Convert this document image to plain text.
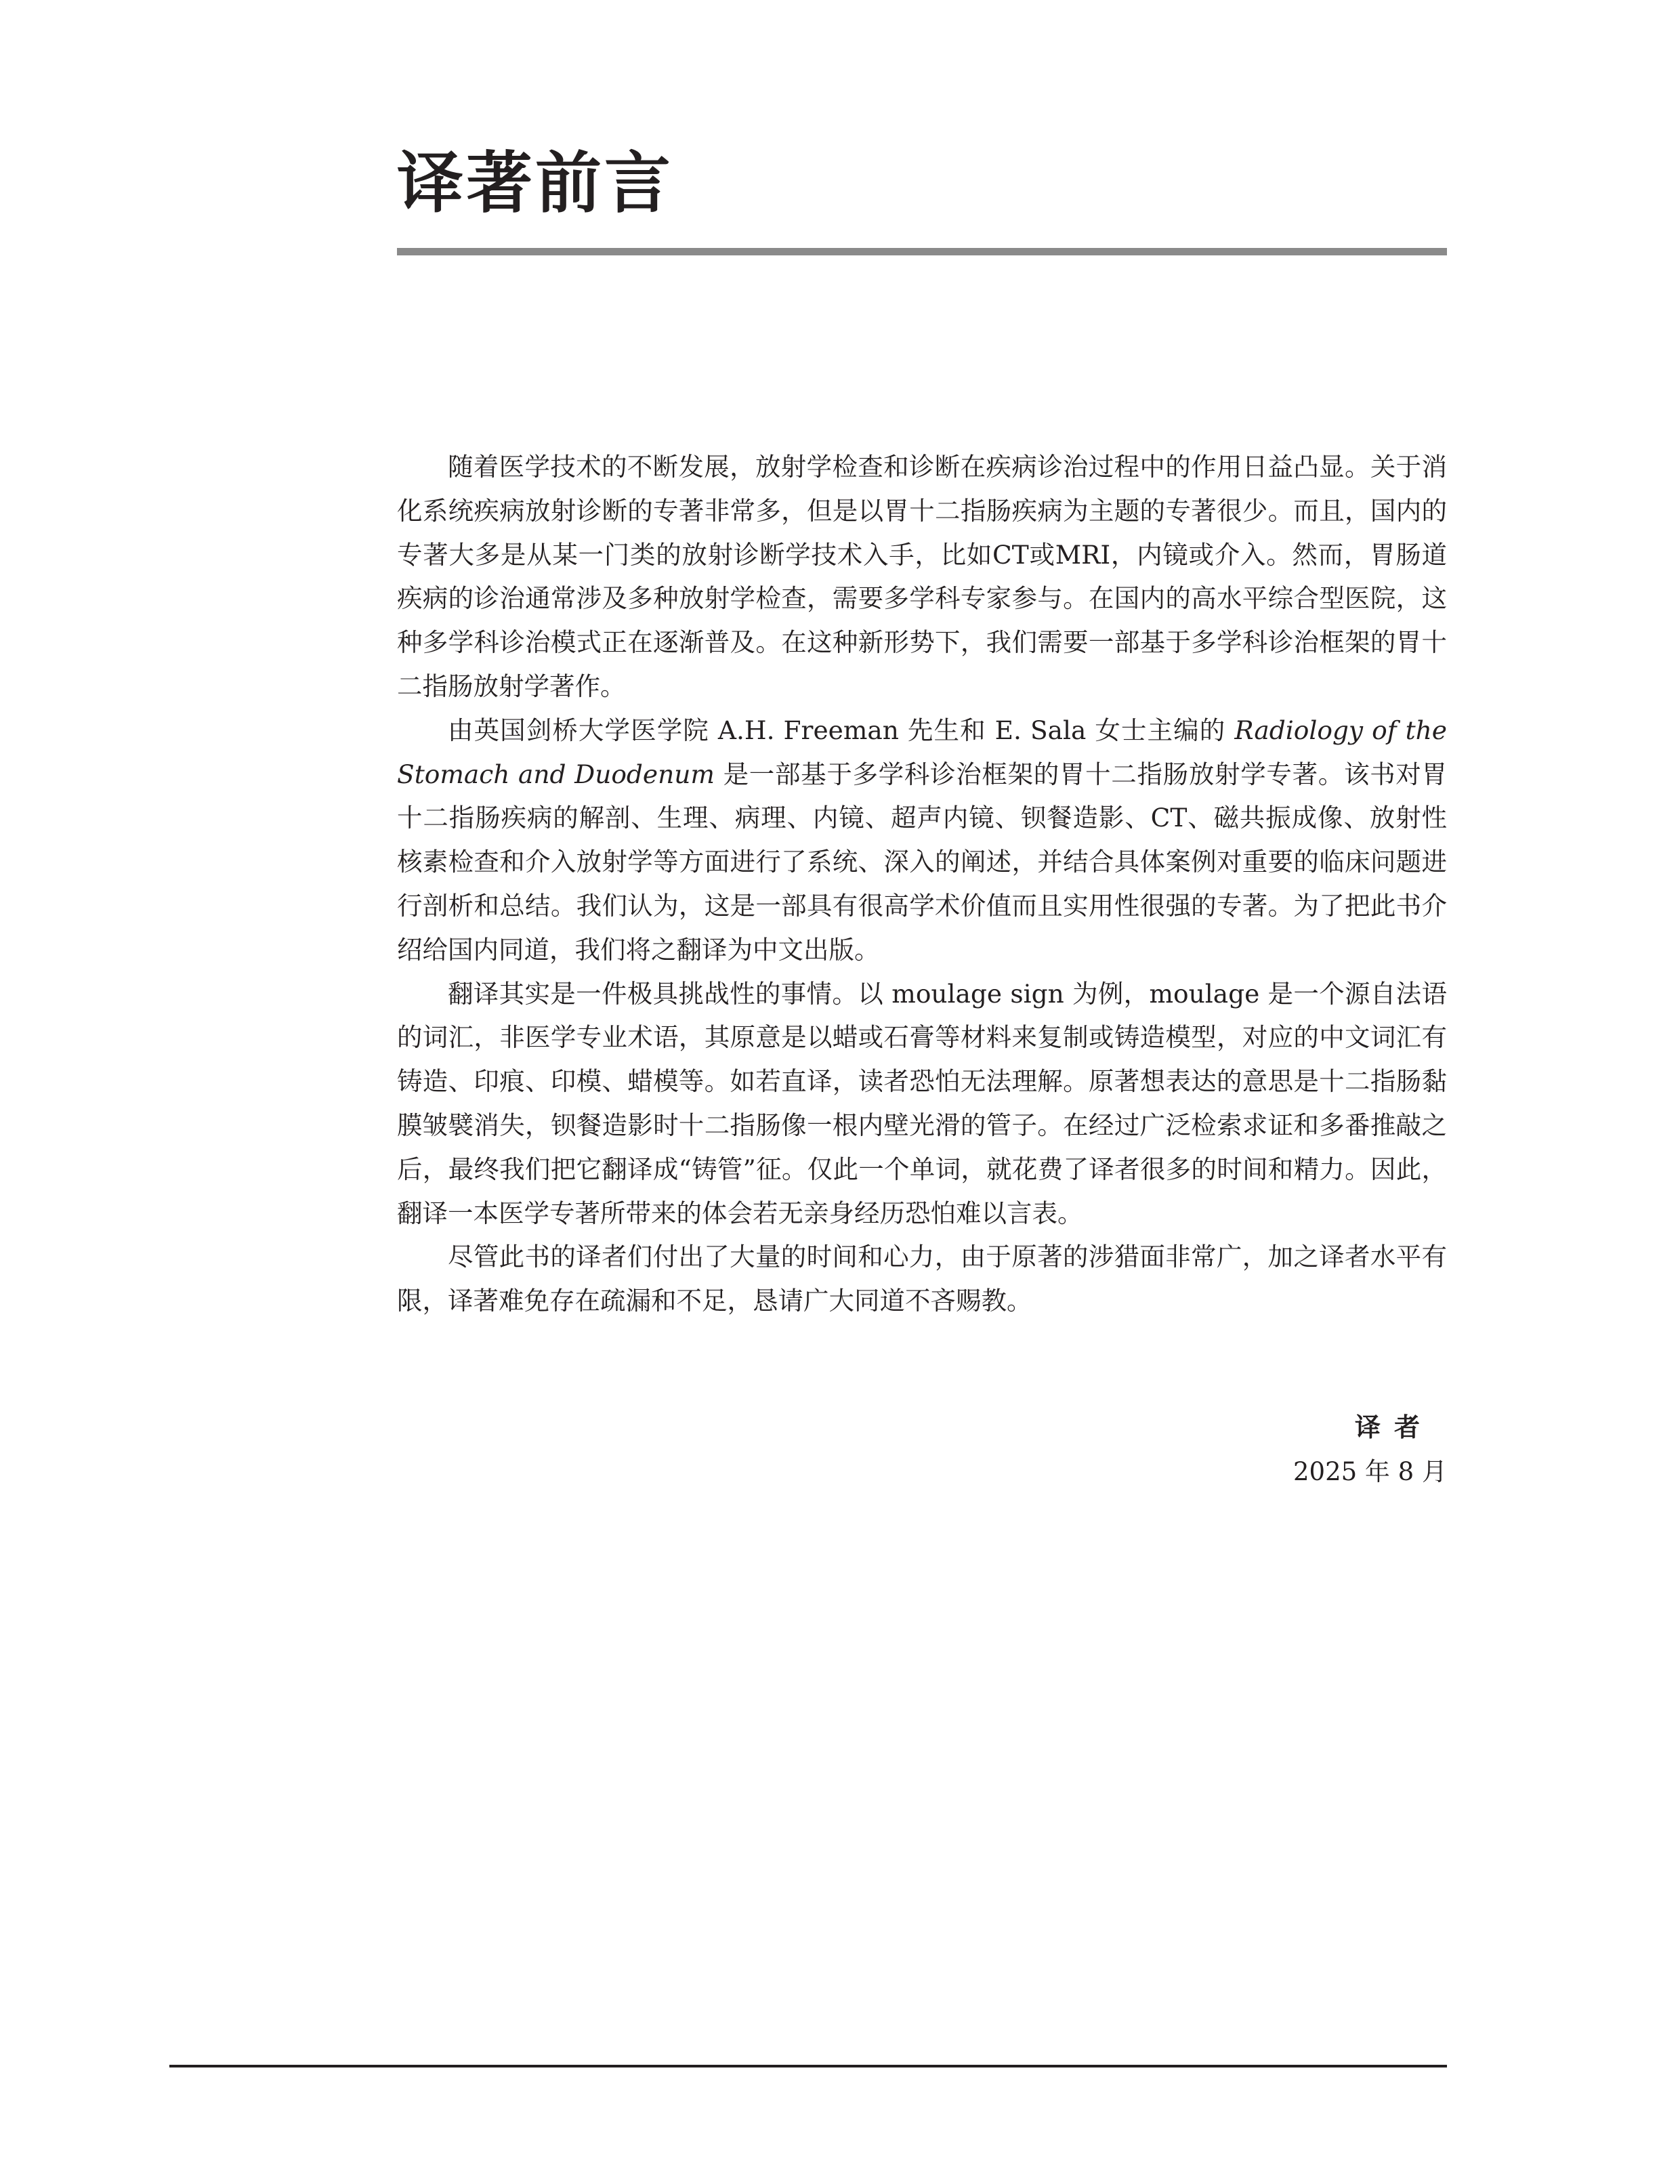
译著前言

随着医学技术的不断发展，放射学检查和诊断在疾病诊治过程中的作用日益凸显。关于消化系统疾病放射诊断的专著非常多，但是以胃十二指肠疾病为主题的专著很少。而且，国内的专著大多是从某一门类的放射诊断学技术入手，比如CT或MRI，内镜或介入。然而，胃肠道疾病的诊治通常涉及多种放射学检查，需要多学科专家参与。在国内的高水平综合型医院，这种多学科诊治模式正在逐渐普及。在这种新形势下，我们需要一部基于多学科诊治框架的胃十二指肠放射学著作。

由英国剑桥大学医学院 A.H. Freeman 先生和 E. Sala 女士主编的 Radiology of the Stomach and Duodenum 是一部基于多学科诊治框架的胃十二指肠放射学专著。该书对胃十二指肠疾病的解剖、生理、病理、内镜、超声内镜、钡餐造影、CT、磁共振成像、放射性核素检查和介入放射学等方面进行了系统、深入的阐述，并结合具体案例对重要的临床问题进行剖析和总结。我们认为，这是一部具有很高学术价值而且实用性很强的专著。为了把此书介绍给国内同道，我们将之翻译为中文出版。

翻译其实是一件极具挑战性的事情。以 moulage sign 为例，moulage 是一个源自法语的词汇，非医学专业术语，其原意是以蜡或石膏等材料来复制或铸造模型，对应的中文词汇有铸造、印痕、印模、蜡模等。如若直译，读者恐怕无法理解。原著想表达的意思是十二指肠黏膜皱襞消失，钡餐造影时十二指肠像一根内壁光滑的管子。在经过广泛检索求证和多番推敲之后，最终我们把它翻译成“铸管”征。仅此一个单词，就花费了译者很多的时间和精力。因此，翻译一本医学专著所带来的体会若无亲身经历恐怕难以言表。

尽管此书的译者们付出了大量的时间和心力，由于原著的涉猎面非常广，加之译者水平有限，译著难免存在疏漏和不足，恳请广大同道不吝赐教。

译者
2025 年 8 月
